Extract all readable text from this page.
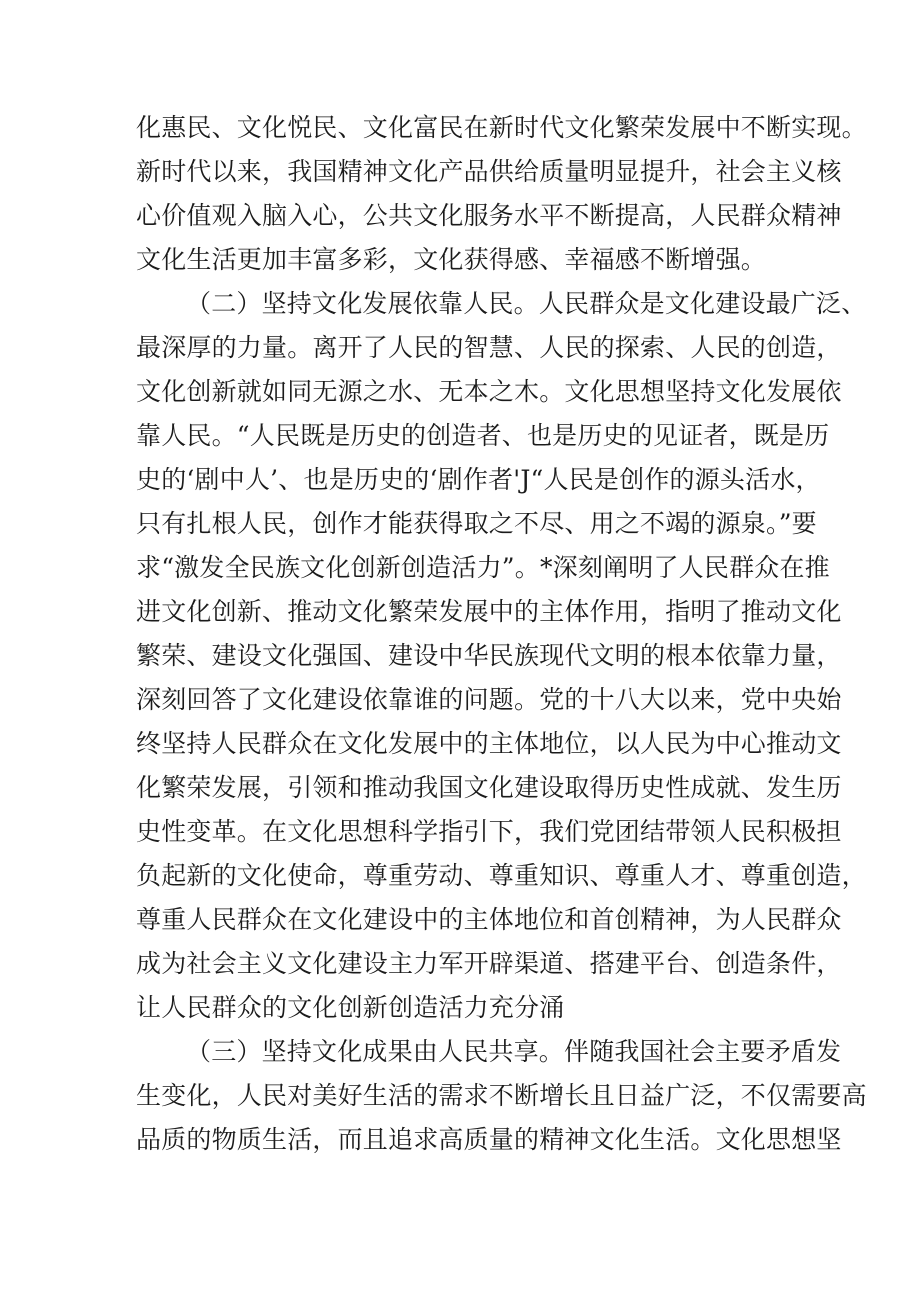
化惠民、文化悦民、文化富民在新时代文化繁荣发展中不断实现。
新时代以来，我国精神文化产品供给质量明显提升，社会主义核
心价值观入脑入心，公共文化服务水平不断提高，人民群众精神
文化生活更加丰富多彩，文化获得感、幸福感不断增强。
（二）坚持文化发展依靠人民。人民群众是文化建设最广泛、
最深厚的力量。离开了人民的智慧、人民的探索、人民的创造，
文化创新就如同无源之水、无本之木。文化思想坚持文化发展依
靠人民。“人民既是历史的创造者、也是历史的见证者，既是历
史的‘剧中人’、也是历史的‘剧作者'J“人民是创作的源头活水，
只有扎根人民，创作才能获得取之不尽、用之不竭的源泉。”要
求“激发全民族文化创新创造活力”。*深刻阐明了人民群众在推
进文化创新、推动文化繁荣发展中的主体作用，指明了推动文化
繁荣、建设文化强国、建设中华民族现代文明的根本依靠力量，
深刻回答了文化建设依靠谁的问题。党的十八大以来，党中央始
终坚持人民群众在文化发展中的主体地位，以人民为中心推动文
化繁荣发展，引领和推动我国文化建设取得历史性成就、发生历
史性变革。在文化思想科学指引下，我们党团结带领人民积极担
负起新的文化使命，尊重劳动、尊重知识、尊重人才、尊重创造，
尊重人民群众在文化建设中的主体地位和首创精神，为人民群众
成为社会主义文化建设主力军开辟渠道、搭建平台、创造条件，
让人民群众的文化创新创造活力充分涌
（三）坚持文化成果由人民共享。伴随我国社会主要矛盾发
生变化，人民对美好生活的需求不断增长且日益广泛，不仅需要高
品质的物质生活，而且追求高质量的精神文化生活。文化思想坚
